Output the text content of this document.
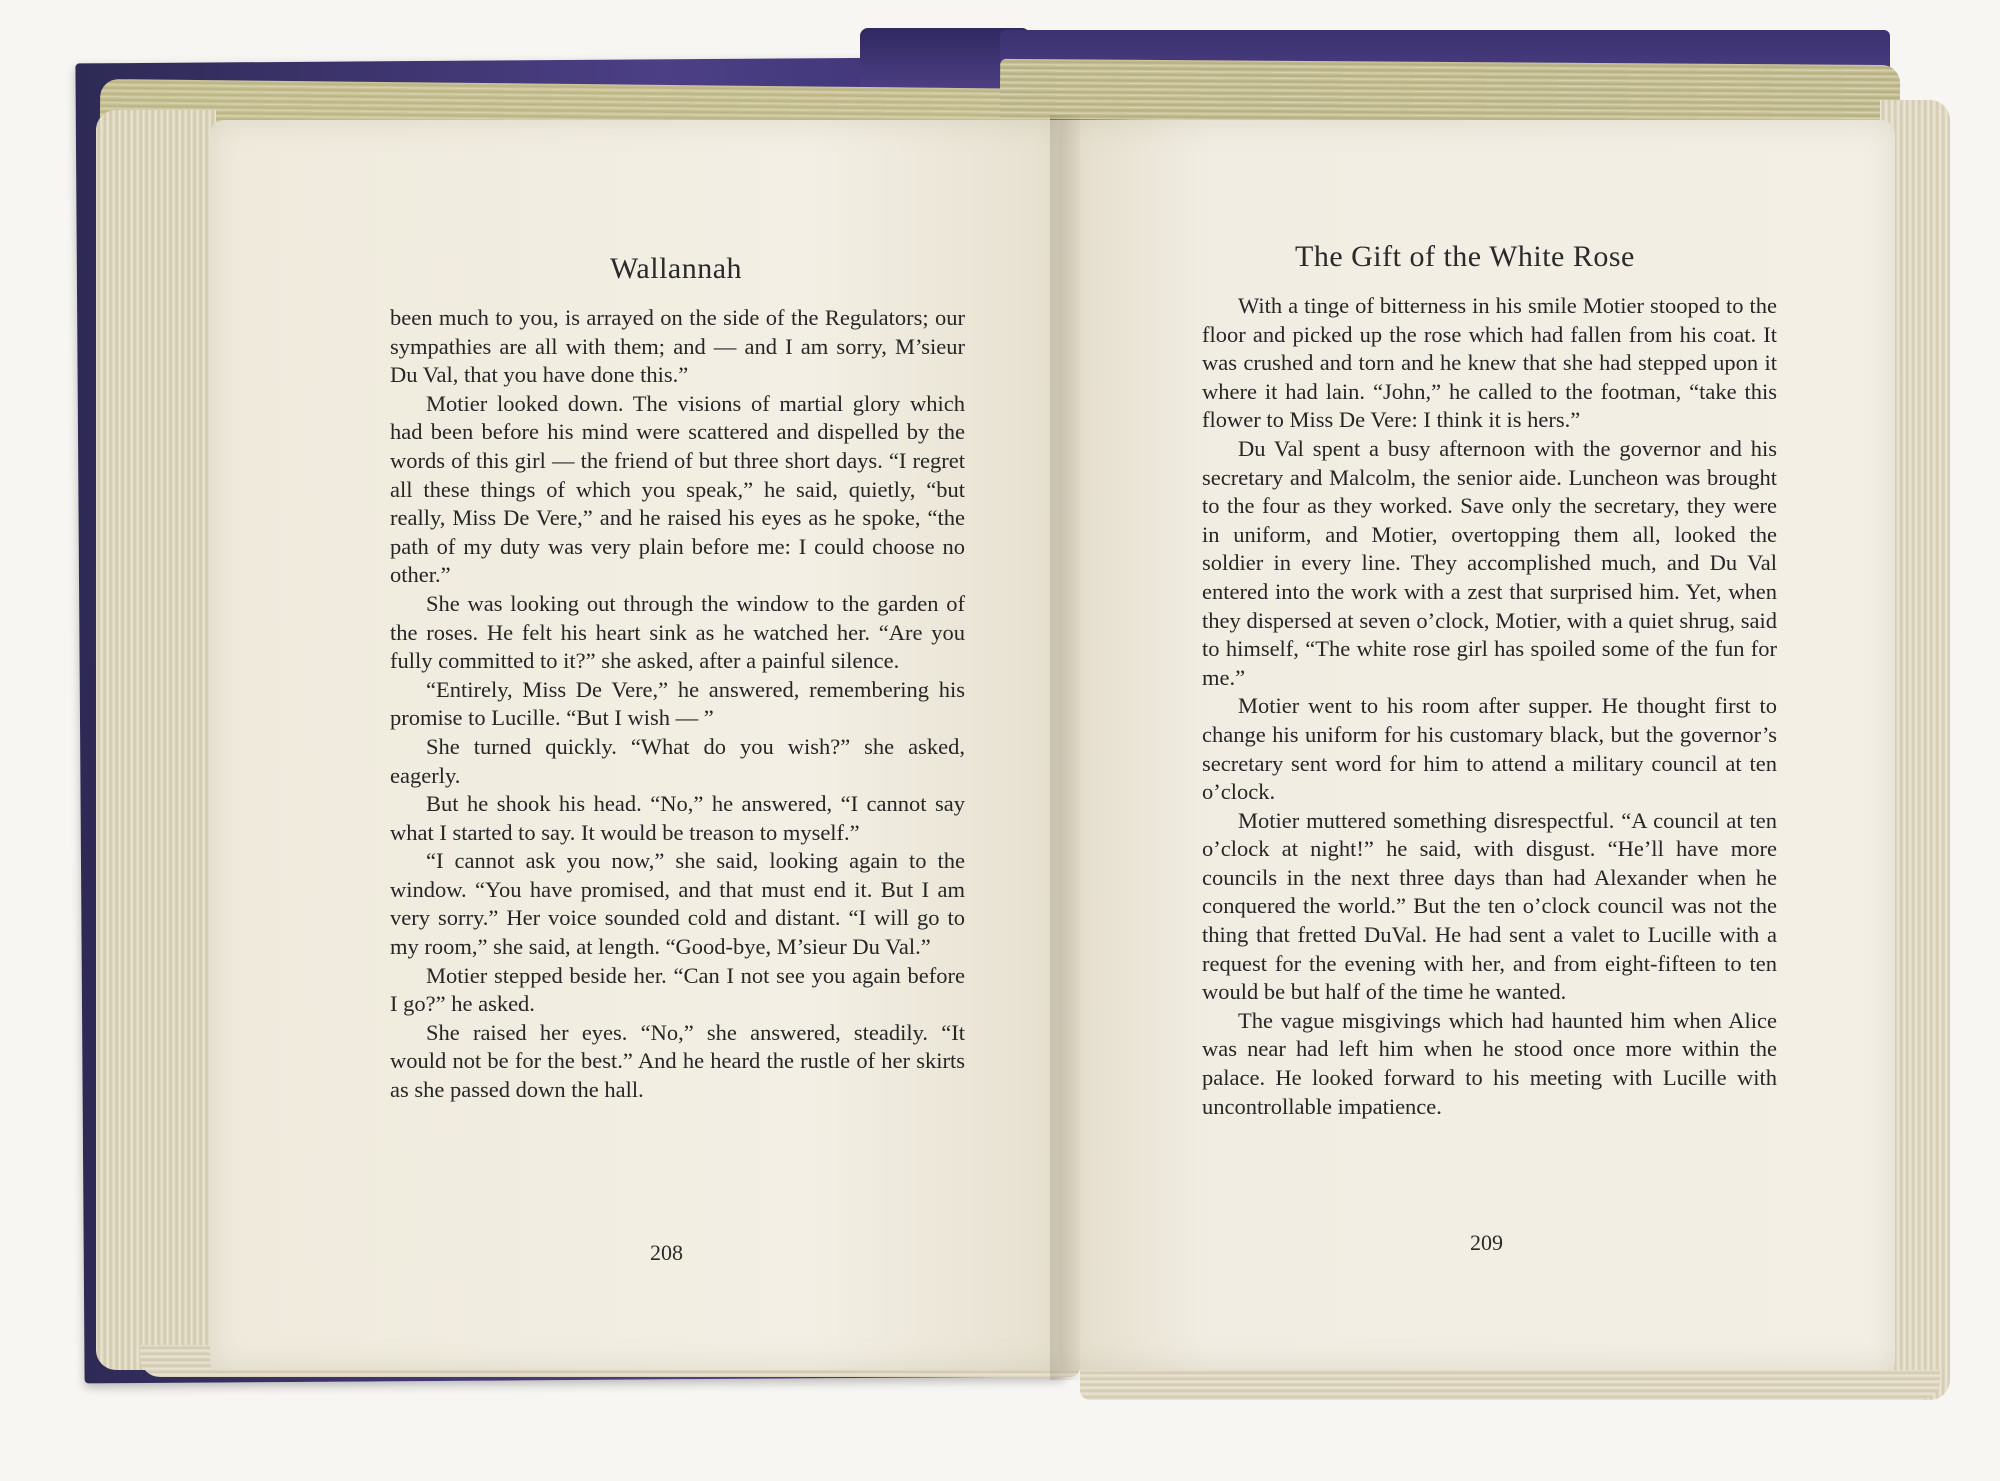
Wallannah

been much to you, is arrayed on the side of the Regulators; our sympathies are all with them; and — and I am sorry, M’sieur Du Val, that you have done this.”

Motier looked down. The visions of martial glory which had been before his mind were scattered and dispelled by the words of this girl — the friend of but three short days. “I regret all these things of which you speak,” he said, quietly, “but really, Miss De Vere,” and he raised his eyes as he spoke, “the path of my duty was very plain before me: I could choose no other.”

She was looking out through the window to the garden of the roses. He felt his heart sink as he watched her. “Are you fully committed to it?” she asked, after a painful silence.

“Entirely, Miss De Vere,” he answered, remembering his promise to Lucille. “But I wish — ”

She turned quickly. “What do you wish?” she asked, eagerly.

But he shook his head. “No,” he answered, “I cannot say what I started to say. It would be treason to myself.”

“I cannot ask you now,” she said, looking again to the window. “You have promised, and that must end it. But I am very sorry.” Her voice sounded cold and distant. “I will go to my room,” she said, at length. “Good-bye, M’sieur Du Val.”

Motier stepped beside her. “Can I not see you again before I go?” he asked.

She raised her eyes. “No,” she answered, steadily. “It would not be for the best.” And he heard the rustle of her skirts as she passed down the hall.

208
The Gift of the White Rose

With a tinge of bitterness in his smile Motier stooped to the floor and picked up the rose which had fallen from his coat. It was crushed and torn and he knew that she had stepped upon it where it had lain. “John,” he called to the footman, “take this flower to Miss De Vere: I think it is hers.”

Du Val spent a busy afternoon with the governor and his secretary and Malcolm, the senior aide. Luncheon was brought to the four as they worked. Save only the secretary, they were in uniform, and Motier, overtopping them all, looked the soldier in every line. They accomplished much, and Du Val entered into the work with a zest that surprised him. Yet, when they dispersed at seven o’clock, Motier, with a quiet shrug, said to himself, “The white rose girl has spoiled some of the fun for me.”

Motier went to his room after supper. He thought first to change his uniform for his customary black, but the governor’s secretary sent word for him to attend a military council at ten o’clock.

Motier muttered something disrespectful. “A council at ten o’clock at night!” he said, with disgust. “He’ll have more councils in the next three days than had Alexander when he conquered the world.” But the ten o’clock council was not the thing that fretted DuVal. He had sent a valet to Lucille with a request for the evening with her, and from eight-fifteen to ten would be but half of the time he wanted.

The vague misgivings which had haunted him when Alice was near had left him when he stood once more within the palace. He looked forward to his meeting with Lucille with uncontrollable impatience.

209
